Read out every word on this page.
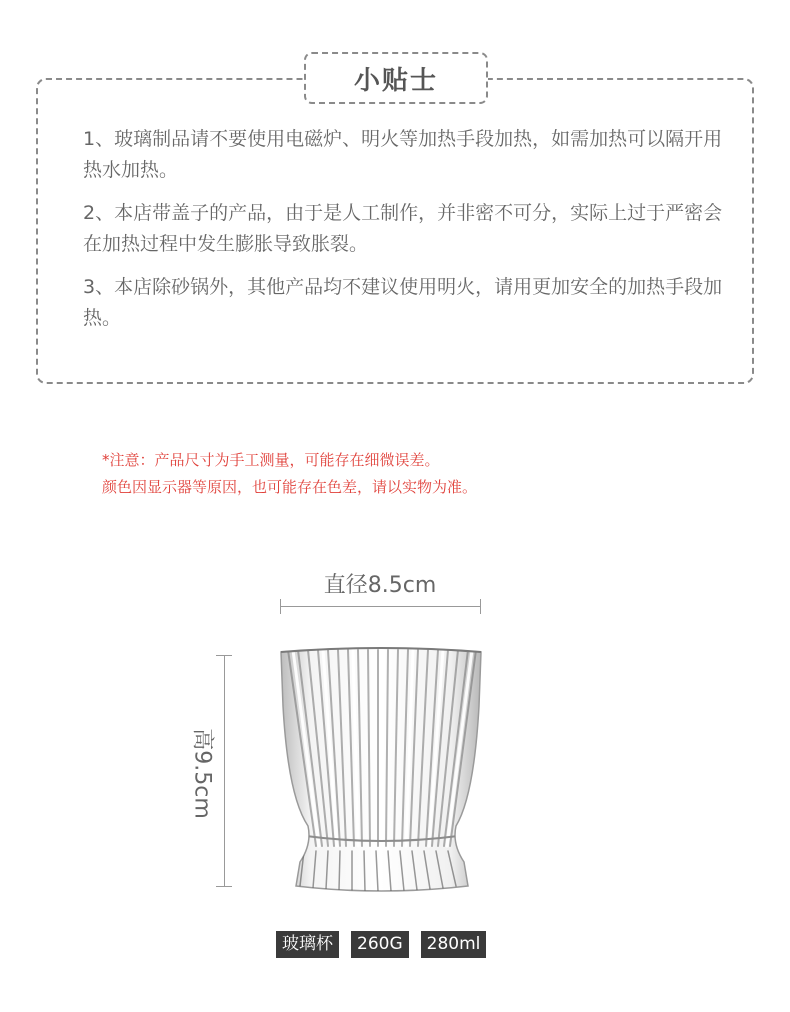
小贴士
1、玻璃制品请不要使用电磁炉、明火等加热手段加热，如需加热可以隔开用热水加热。
2、本店带盖子的产品，由于是人工制作，并非密不可分，实际上过于严密会在加热过程中发生膨胀导致胀裂。
3、本店除砂锅外，其他产品均不建议使用明火，请用更加安全的加热手段加热。
*注意：产品尺寸为手工测量，可能存在细微误差。
颜色因显示器等原因，也可能存在色差，请以实物为准。
直径8.5cm
高9.5cm
玻璃杯	260G	280ml
